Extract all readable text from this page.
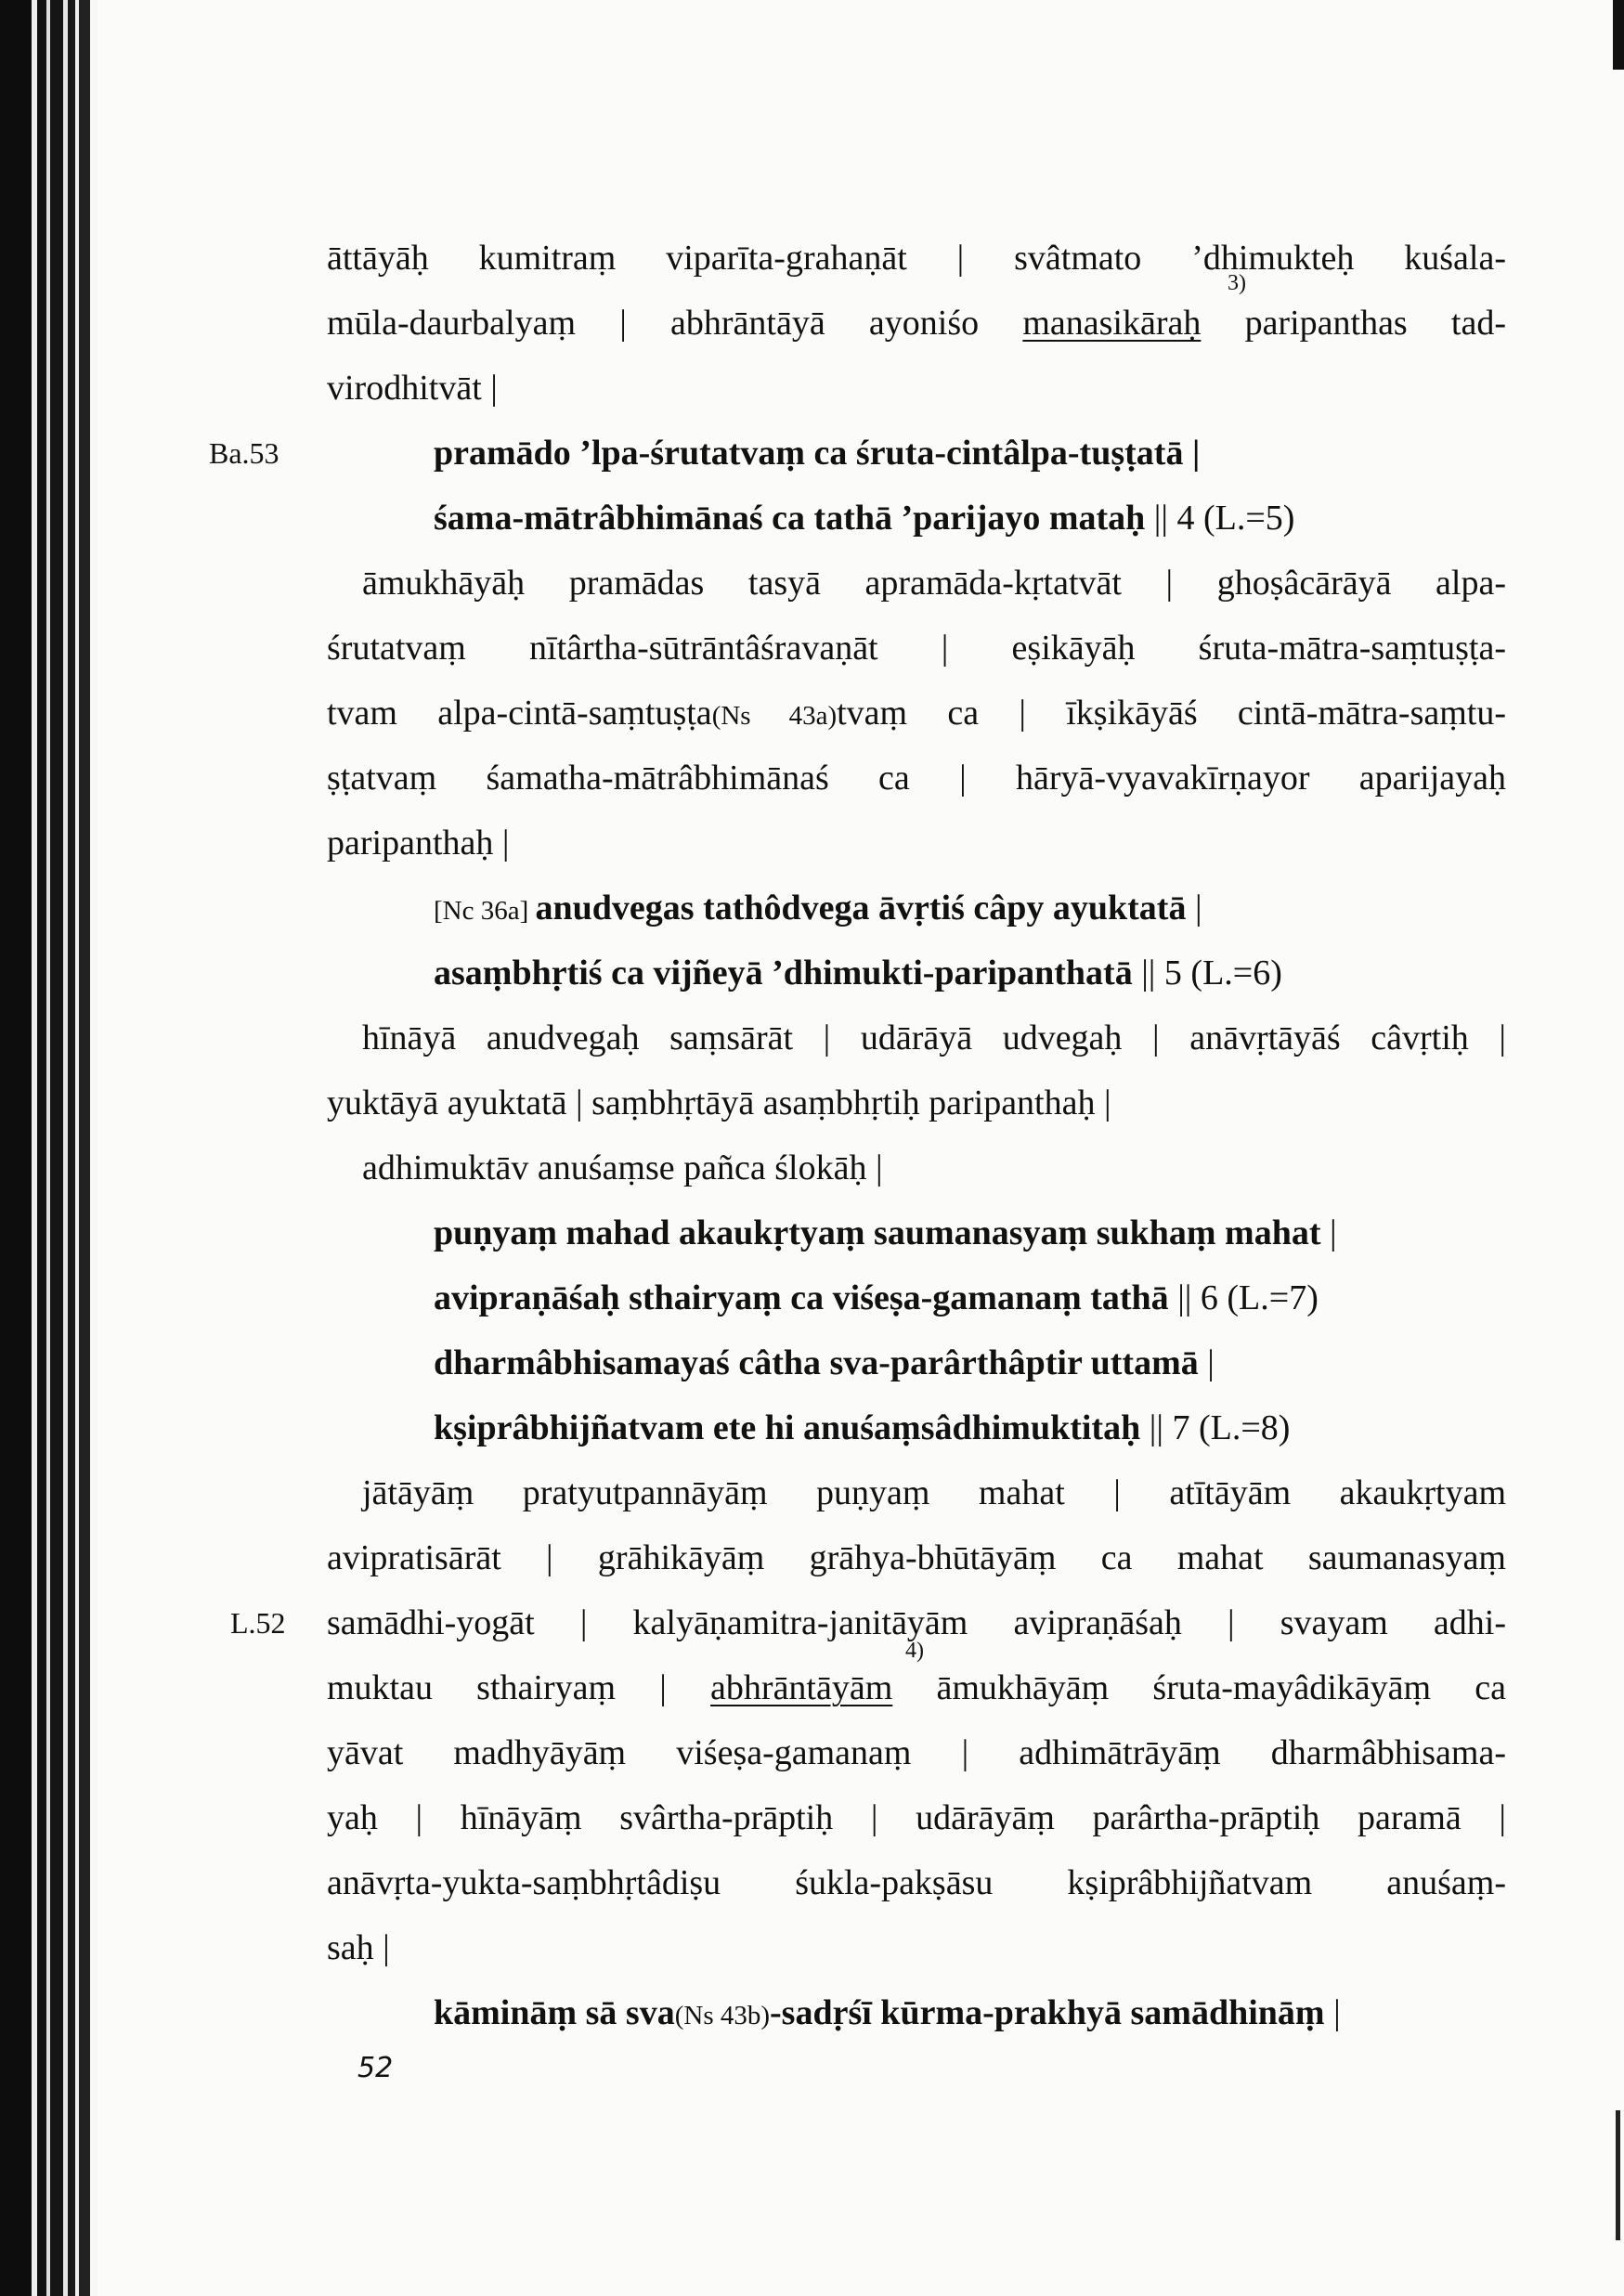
āttāyāḥ kumitraṃ viparīta-grahaṇāt | svâtmato ’dhimukteḥ kuśala-
3)
mūla-daurbalyaṃ | abhrāntāyā ayoniśo manasikāraḥ paripanthas tad-
virodhitvāt |
Ba.53	pramādo ’lpa-śrutatvaṃ ca śruta-cintâlpa-tuṣṭatā |
śama-mātrâbhimānaś ca tathā ’parijayo mataḥ || 4 (L.=5)
āmukhāyāḥ pramādas tasyā apramāda-kṛtatvāt | ghoṣâcārāyā alpa-
śrutatvaṃ nītârtha-sūtrāntâśravaṇāt | eṣikāyāḥ śruta-mātra-saṃtuṣṭa-
tvam alpa-cintā-saṃtuṣṭa(Ns 43a)tvaṃ ca | īkṣikāyāś cintā-mātra-saṃtu-
ṣṭatvaṃ śamatha-mātrâbhimānaś ca | hāryā-vyavakīrṇayor aparijayaḥ
paripanthaḥ |
[Nc 36a] anudvegas tathôdvega āvṛtiś câpy ayuktatā |
asaṃbhṛtiś ca vijñeyā ’dhimukti-paripanthatā || 5 (L.=6)
hīnāyā anudvegaḥ saṃsārāt | udārāyā udvegaḥ | anāvṛtāyāś câvṛtiḥ |
yuktāyā ayuktatā | saṃbhṛtāyā asaṃbhṛtiḥ paripanthaḥ |
adhimuktāv anuśaṃse pañca ślokāḥ |
puṇyaṃ mahad akaukṛtyaṃ saumanasyaṃ sukhaṃ mahat |
avipraṇāśaḥ sthairyaṃ ca viśeṣa-gamanaṃ tathā || 6 (L.=7)
dharmâbhisamayaś câtha sva-parârthâptir uttamā |
kṣiprâbhijñatvam ete hi anuśaṃsâdhimuktitaḥ || 7 (L.=8)
jātāyāṃ pratyutpannāyāṃ puṇyaṃ mahat | atītāyām akaukṛtyam
avipratisārāt | grāhikāyāṃ grāhya-bhūtāyāṃ ca mahat saumanasyaṃ
L.52 samādhi-yogāt | kalyāṇamitra-janitāyām avipraṇāśaḥ | svayam adhi-
4)
muktau sthairyaṃ | abhrāntāyām āmukhāyāṃ śruta-mayâdikāyāṃ ca
yāvat madhyāyāṃ viśeṣa-gamanaṃ | adhimātrāyāṃ dharmâbhisama-
yaḥ | hīnāyāṃ svârtha-prāptiḥ | udārāyāṃ parârtha-prāptiḥ paramā |
anāvṛta-yukta-saṃbhṛtâdiṣu śukla-pakṣāsu kṣiprâbhijñatvam anuśaṃ-
saḥ |
kāmināṃ sā sva(Ns 43b)-sadṛśī kūrma-prakhyā samādhināṃ |
52
